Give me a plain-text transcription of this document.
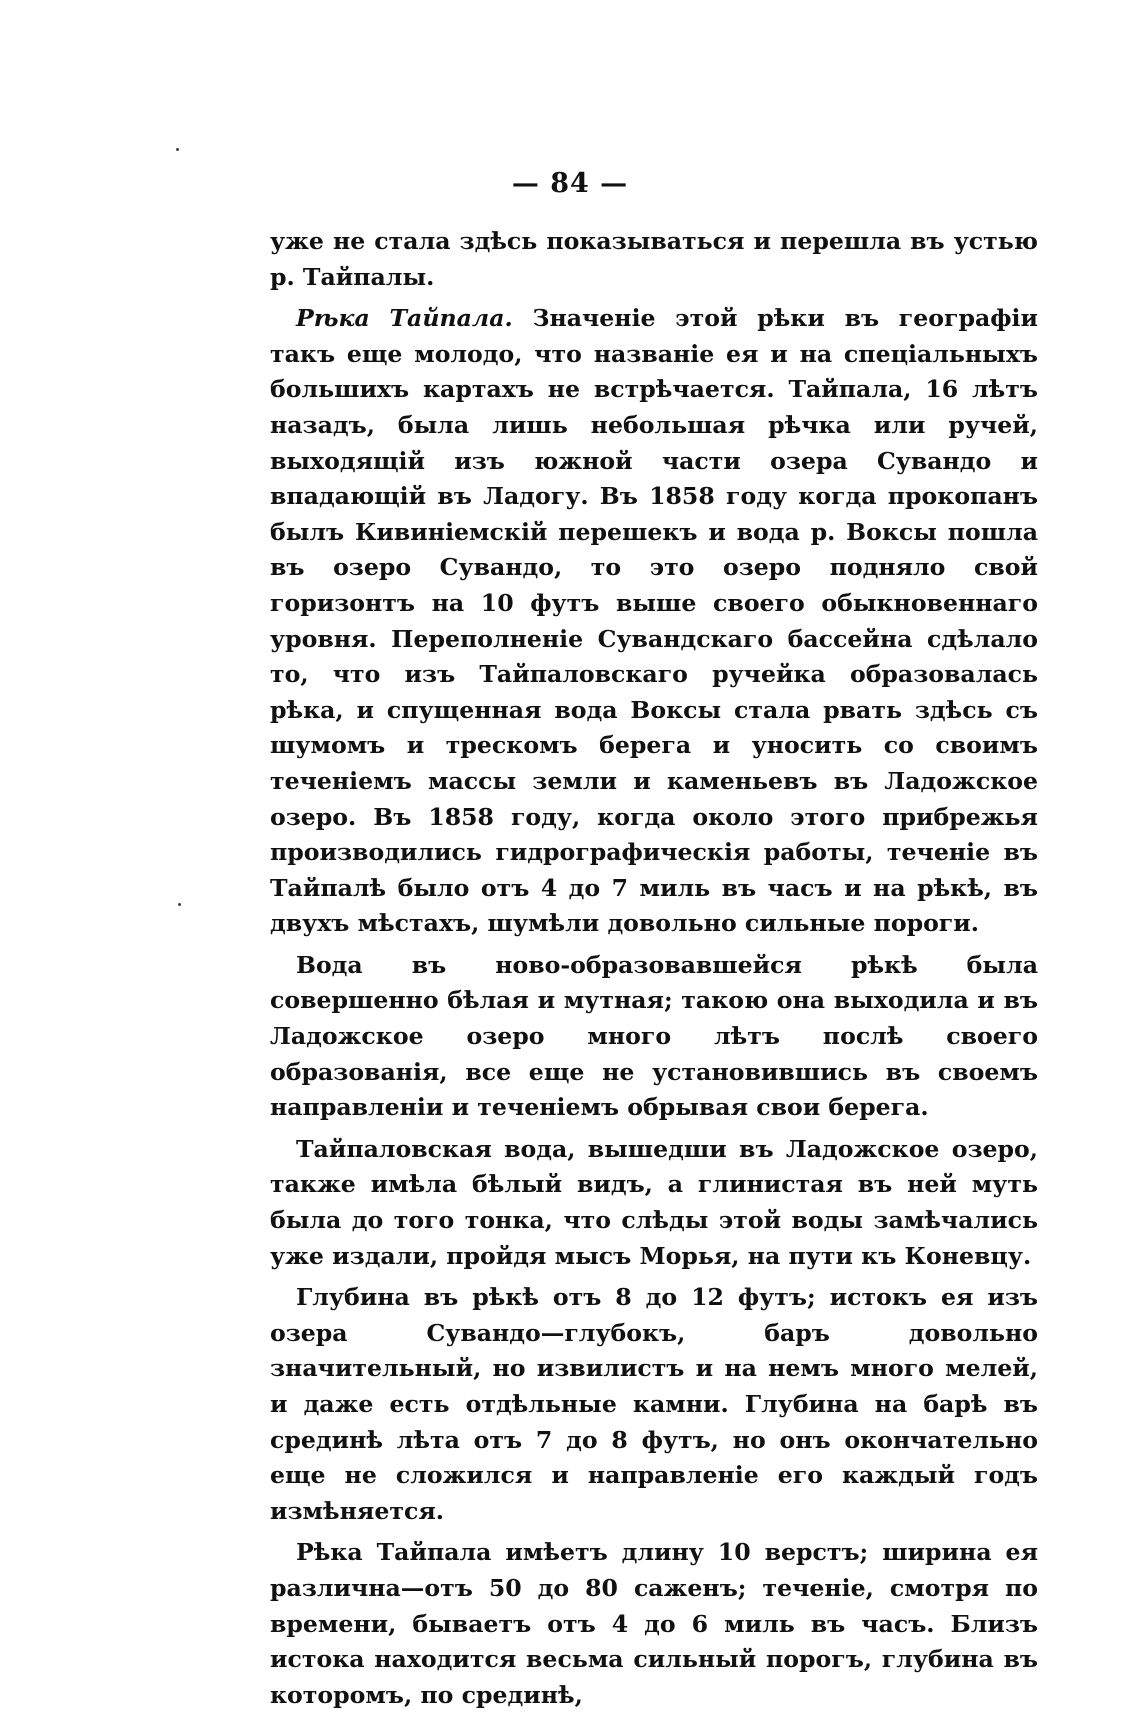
— 84 —

уже не стала здѣсь показываться и перешла въ устью р. Тайпалы.

Рѣка Тайпала. Значеніе этой рѣки въ географіи такъ еще молодо, что названіе ея и на спеціальныхъ большихъ картахъ не встрѣчается. Тайпала, 16 лѣтъ назадъ, была лишь небольшая рѣчка или ручей, выходящій изъ южной части озера Сувандо и впадающій въ Ладогу. Въ 1858 году когда прокопанъ былъ Кивиніемскій перешекъ и вода р. Воксы пошла въ озеро Сувандо, то это озеро подняло свой горизонтъ на 10 футъ выше своего обыкновеннаго уровня. Переполненіе Сувандскаго бассейна сдѣлало то, что изъ Тайпаловскаго ручейка образовалась рѣка, и спущенная вода Воксы стала рвать здѣсь съ шумомъ и трескомъ берега и уносить со своимъ теченіемъ массы земли и каменьевъ въ Ладожское озеро. Въ 1858 году, когда около этого прибрежья производились гидрографическія работы, теченіе въ Тайпалѣ было отъ 4 до 7 миль въ часъ и на рѣкѣ, въ двухъ мѣстахъ, шумѣли довольно сильные пороги.

Вода въ ново-образовавшейся рѣкѣ была совершенно бѣлая и мутная; такою она выходила и въ Ладожское озеро много лѣтъ послѣ своего образованія, все еще не установившись въ своемъ направленіи и теченіемъ обрывая свои берега.

Тайпаловская вода, вышедши въ Ладожское озеро, также имѣла бѣлый видъ, а глинистая въ ней муть была до того тонка, что слѣды этой воды замѣчались уже издали, пройдя мысъ Морья, на пути къ Коневцу.

Глубина въ рѣкѣ отъ 8 до 12 футъ; истокъ ея изъ озера Сувандо—глубокъ, баръ довольно значительный, но извилистъ и на немъ много мелей, и даже есть отдѣльные камни. Глубина на барѣ въ срединѣ лѣта отъ 7 до 8 футъ, но онъ окончательно еще не сложился и направленіе его каждый годъ измѣняется.

Рѣка Тайпала имѣетъ длину 10 верстъ; ширина ея различна—отъ 50 до 80 саженъ; теченіе, смотря по времени, бываетъ отъ 4 до 6 миль въ часъ. Близъ истока находится весьма сильный порогъ, глубина въ которомъ, по срединѣ,
